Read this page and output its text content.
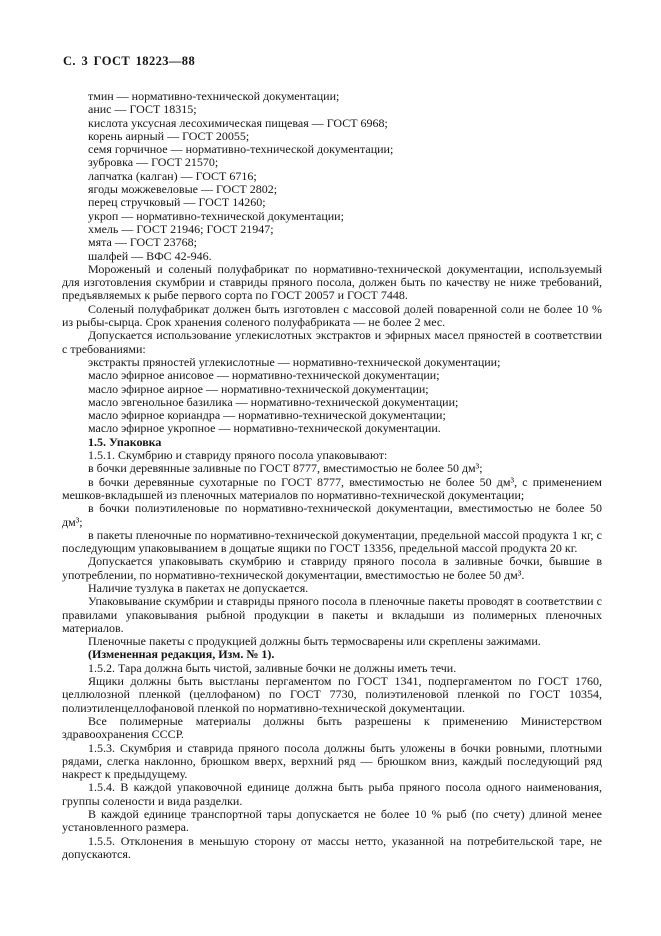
С. 3 ГОСТ 18223—88

тмин — нормативно-технической документации;

анис — ГОСТ 18315;

кислота уксусная лесохимическая пищевая — ГОСТ 6968;

корень аирный — ГОСТ 20055;

семя горчичное — нормативно-технической документации;

зубровка — ГОСТ 21570;

лапчатка (калган) — ГОСТ 6716;

ягоды можжевеловые — ГОСТ 2802;

перец стручковый — ГОСТ 14260;

укроп — нормативно-технической документации;

хмель — ГОСТ 21946; ГОСТ 21947;

мята — ГОСТ 23768;

шалфей — ВФС 42-946.

Мороженый и соленый полуфабрикат по нормативно-технической документации, используемый для изготовления скумбрии и ставриды пряного посола, должен быть по качеству не ниже требований, предъявляемых к рыбе первого сорта по ГОСТ 20057 и ГОСТ 7448.

Соленый полуфабрикат должен быть изготовлен с массовой долей поваренной соли не более 10 % из рыбы-сырца. Срок хранения соленого полуфабриката — не более 2 мес.

Допускается использование углекислотных экстрактов и эфирных масел пряностей в соответствии с требованиями:

экстракты пряностей углекислотные — нормативно-технической документации;

масло эфирное анисовое — нормативно-технической документации;

масло эфирное аирное — нормативно-технической документации;

масло эвгенольное базилика — нормативно-технической документации;

масло эфирное кориандра — нормативно-технической документации;

масло эфирное укропное — нормативно-технической документации.

1.5. Упаковка

1.5.1. Скумбрию и ставриду пряного посола упаковывают:

в бочки деревянные заливные по ГОСТ 8777, вместимостью не более 50 дм³;

в бочки деревянные сухотарные по ГОСТ 8777, вместимостью не более 50 дм³, с применением мешков-вкладышей из пленочных материалов по нормативно-технической документации;

в бочки полиэтиленовые по нормативно-технической документации, вместимостью не более 50 дм³;

в пакеты пленочные по нормативно-технической документации, предельной массой продукта 1 кг, с последующим упаковыванием в дощатые ящики по ГОСТ 13356, предельной массой продукта 20 кг.

Допускается упаковывать скумбрию и ставриду пряного посола в заливные бочки, бывшие в употреблении, по нормативно-технической документации, вместимостью не более 50 дм³.

Наличие тузлука в пакетах не допускается.

Упаковывание скумбрии и ставриды пряного посола в пленочные пакеты проводят в соответствии с правилами упаковывания рыбной продукции в пакеты и вкладыши из полимерных пленочных материалов.

Пленочные пакеты с продукцией должны быть термосварены или скреплены зажимами.

(Измененная редакция, Изм. № 1).

1.5.2. Тара должна быть чистой, заливные бочки не должны иметь течи.

Ящики должны быть выстланы пергаментом по ГОСТ 1341, подпергаментом по ГОСТ 1760, целлюлозной пленкой (целлофаном) по ГОСТ 7730, полиэтиленовой пленкой по ГОСТ 10354, полиэтиленцеллофановой пленкой по нормативно-технической документации.

Все полимерные материалы должны быть разрешены к применению Министерством здравоохранения СССР.

1.5.3. Скумбрия и ставрида пряного посола должны быть уложены в бочки ровными, плотными рядами, слегка наклонно, брюшком вверх, верхний ряд — брюшком вниз, каждый последующий ряд накрест к предыдущему.

1.5.4. В каждой упаковочной единице должна быть рыба пряного посола одного наименования, группы солености и вида разделки.

В каждой единице транспортной тары допускается не более 10 % рыб (по счету) длиной менее установленного размера.

1.5.5. Отклонения в меньшую сторону от массы нетто, указанной на потребительской таре, не допускаются.
